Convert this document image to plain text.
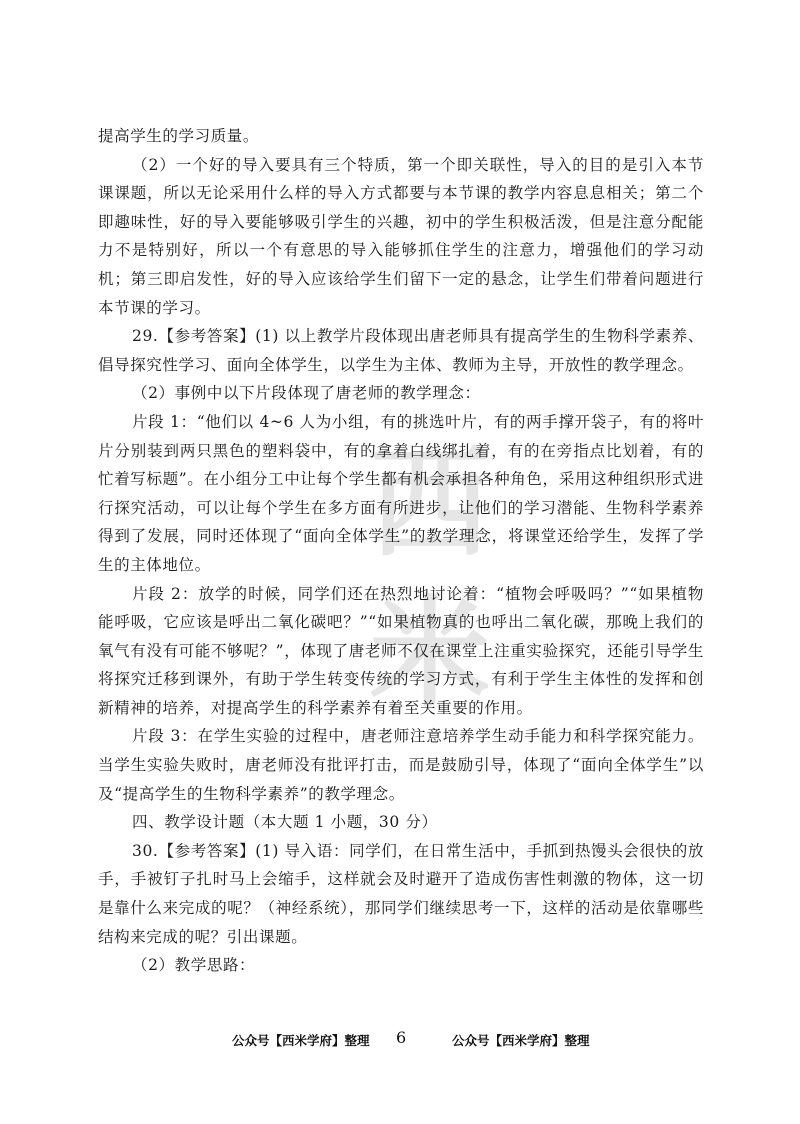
西
米

提高学生的学习质量。

（2）一个好的导入要具有三个特质，第一个即关联性，导入的目的是引入本节课课题，所以无论采用什么样的导入方式都要与本节课的教学内容息息相关；第二个即趣味性，好的导入要能够吸引学生的兴趣，初中的学生积极活泼，但是注意分配能力不是特别好，所以一个有意思的导入能够抓住学生的注意力，增强他们的学习动机；第三即启发性，好的导入应该给学生们留下一定的悬念，让学生们带着问题进行本节课的学习。

29.【参考答案】(1) 以上教学片段体现出唐老师具有提高学生的生物科学素养、倡导探究性学习、面向全体学生，以学生为主体、教师为主导，开放性的教学理念。

（2）事例中以下片段体现了唐老师的教学理念：

片段 1：“他们以 4~6 人为小组，有的挑选叶片，有的两手撑开袋子，有的将叶片分别装到两只黑色的塑料袋中，有的拿着白线绑扎着，有的在旁指点比划着，有的忙着写标题”。在小组分工中让每个学生都有机会承担各种角色，采用这种组织形式进行探究活动，可以让每个学生在多方面有所进步，让他们的学习潜能、生物科学素养得到了发展，同时还体现了“面向全体学生”的教学理念，将课堂还给学生，发挥了学生的主体地位。

片段 2：放学的时候，同学们还在热烈地讨论着：“植物会呼吸吗？”“如果植物能呼吸，它应该是呼出二氧化碳吧？”“如果植物真的也呼出二氧化碳，那晚上我们的氧气有没有可能不够呢？”，体现了唐老师不仅在课堂上注重实验探究，还能引导学生将探究迁移到课外，有助于学生转变传统的学习方式，有利于学生主体性的发挥和创新精神的培养，对提高学生的科学素养有着至关重要的作用。

片段 3：在学生实验的过程中，唐老师注意培养学生动手能力和科学探究能力。当学生实验失败时，唐老师没有批评打击，而是鼓励引导，体现了“面向全体学生”以及“提高学生的生物科学素养”的教学理念。

四、教学设计题（本大题 1 小题，30 分）

30.【参考答案】(1) 导入语：同学们，在日常生活中，手抓到热馒头会很快的放手，手被钉子扎时马上会缩手，这样就会及时避开了造成伤害性刺激的物体，这一切是靠什么来完成的呢？（神经系统），那同学们继续思考一下，这样的活动是依靠哪些结构来完成的呢？引出课题。

（2）教学思路：

公众号【西米学府】整理 6	公众号【西米学府】整理
